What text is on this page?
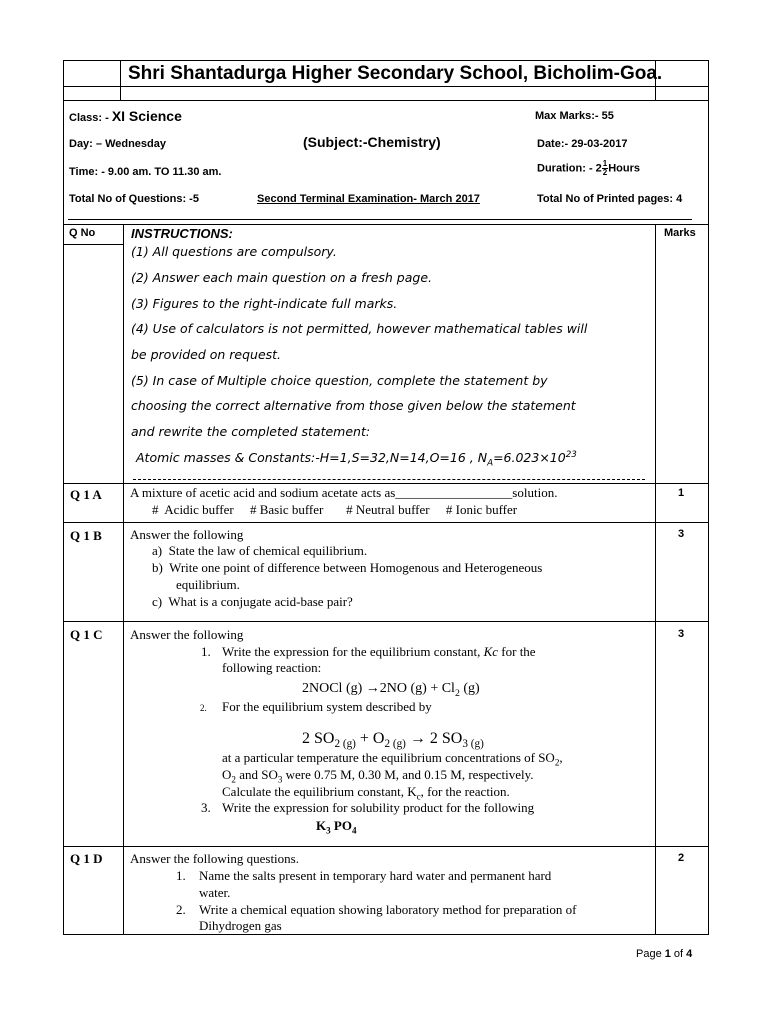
Shri Shantadurga Higher Secondary School, Bicholim-Goa.
Class: - XI Science	Max Marks:- 55
Day: – Wednesday	(Subject:-Chemistry)	Date:- 29-03-2017
Time: - 9.00 am. TO 11.30 am.	Duration: - $2 \frac{1}{2}$ Hours
Total No of Questions: -5	Second Terminal Examination- March 2017	Total No of Printed pages: 4
Q No	INSTRUCTIONS:	Marks
(1) All questions are compulsory.
(2) Answer each main question on a fresh page.
(3) Figures to the right-indicate full marks.
(4) Use of calculators is not permitted, however mathematical tables will
be provided on request.
(5) In case of Multiple choice question, complete the statement by
choosing the correct alternative from those given below the statement
and rewrite the completed statement:
Atomic masses & Constants:-H=1,S=32,N=14,O=16 , $N_A=6.023\times 10^{23}$
Q 1 A A mixture of acetic acid and sodium acetate acts as__________________solution.
#  Acidic buffer     # Basic buffer       # Neutral buffer     # Ionic buffer
1
Q 1 B Answer the following
a)  State the law of chemical equilibrium.
b)  Write one point of difference between Homogenous and Heterogeneous
equilibrium.
c)  What is a conjugate acid-base pair?
3
Q 1 C Answer the following
1. Write the expression for the equilibrium constant, Kc for the
following reaction:
2NOCl (g) →2NO $(g) + Cl_2$ (g)
2. For the equilibrium system described by
2 $SO_{2 (g)} + O_{2 (g)} \to 2$ $SO_{3 (g)}$
at a particular temperature the equilibrium concentrations of $SO_2$,
$O_2$ and $SO_3$ were 0.75 M, 0.30 M, and 0.15 M, respectively.
Calculate the equilibrium constant, $K_c$, for the reaction.
3. Write the expression for solubility product for the following
$K_3$ $PO_4$
3
Q 1 D Answer the following questions.
1. Name the salts present in temporary hard water and permanent hard
water.
2. Write a chemical equation showing laboratory method for preparation of
Dihydrogen gas
2
Page 1 of 4
